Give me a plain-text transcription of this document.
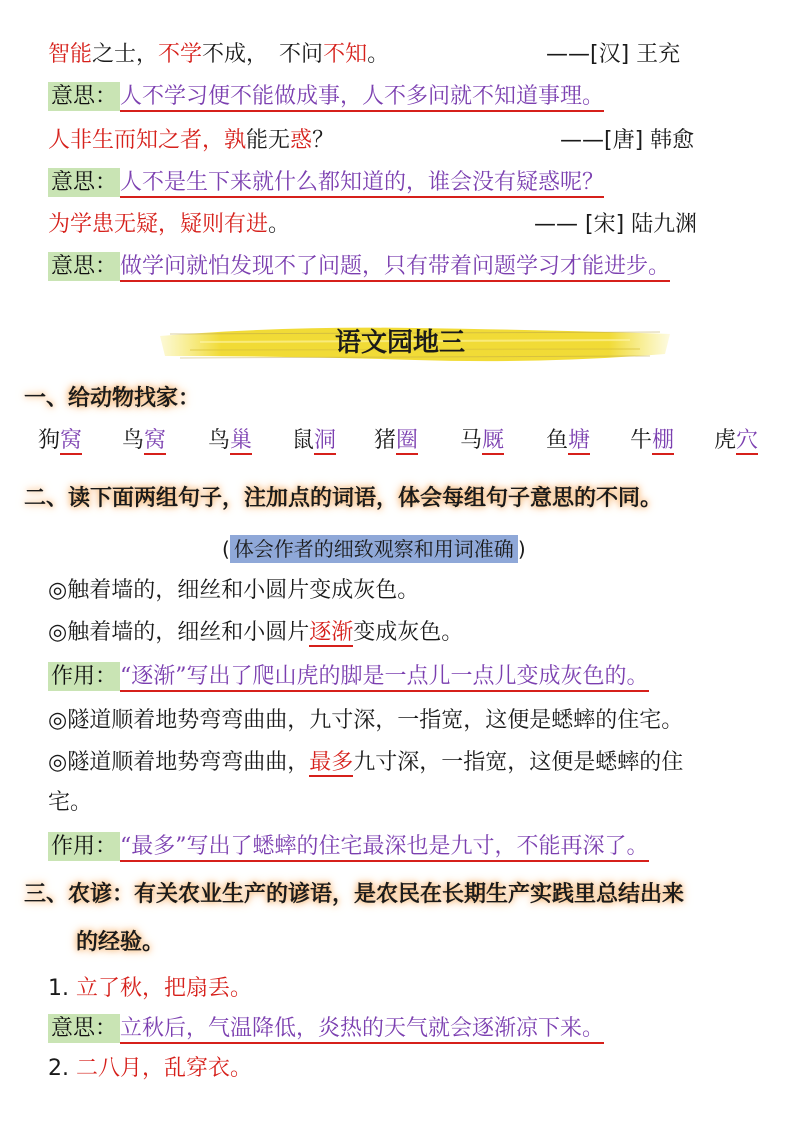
智能之士，不学不成，　不问不知。	——[汉] 王充
意思： 人不学习便不能做成事，人不多问就不知道事理。
人非生而知之者，孰能无惑？	——[唐] 韩愈
意思： 人不是生下来就什么都知道的，谁会没有疑惑呢？
为学患无疑，疑则有进。	—— [宋] 陆九渊
意思： 做学问就怕发现不了问题，只有带着问题学习才能进步。
语文园地三
一、给动物找家：
狗窝 鸟窝 鸟巢 鼠洞 猪圈 马厩 鱼塘 牛棚 虎穴
二、读下面两组句子，注加点的词语，体会每组句子意思的不同。
( 体会作者的细致观察和用词准确 )
◎触着墙的，细丝和小圆片变成灰色。
◎触着墙的，细丝和小圆片逐渐变成灰色。
作用： “逐渐”写出了爬山虎的脚是一点儿一点儿变成灰色的。
◎隧道顺着地势弯弯曲曲，九寸深，一指宽，这便是蟋蟀的住宅。
◎隧道顺着地势弯弯曲曲，最多九寸深，一指宽，这便是蟋蟀的住
宅。
作用： “最多”写出了蟋蟀的住宅最深也是九寸，不能再深了。
三、农谚：有关农业生产的谚语，是农民在长期生产实践里总结出来
的经验。
1. 立了秋，把扇丢。
意思： 立秋后，气温降低，炎热的天气就会逐渐凉下来。
2. 二八月，乱穿衣。
